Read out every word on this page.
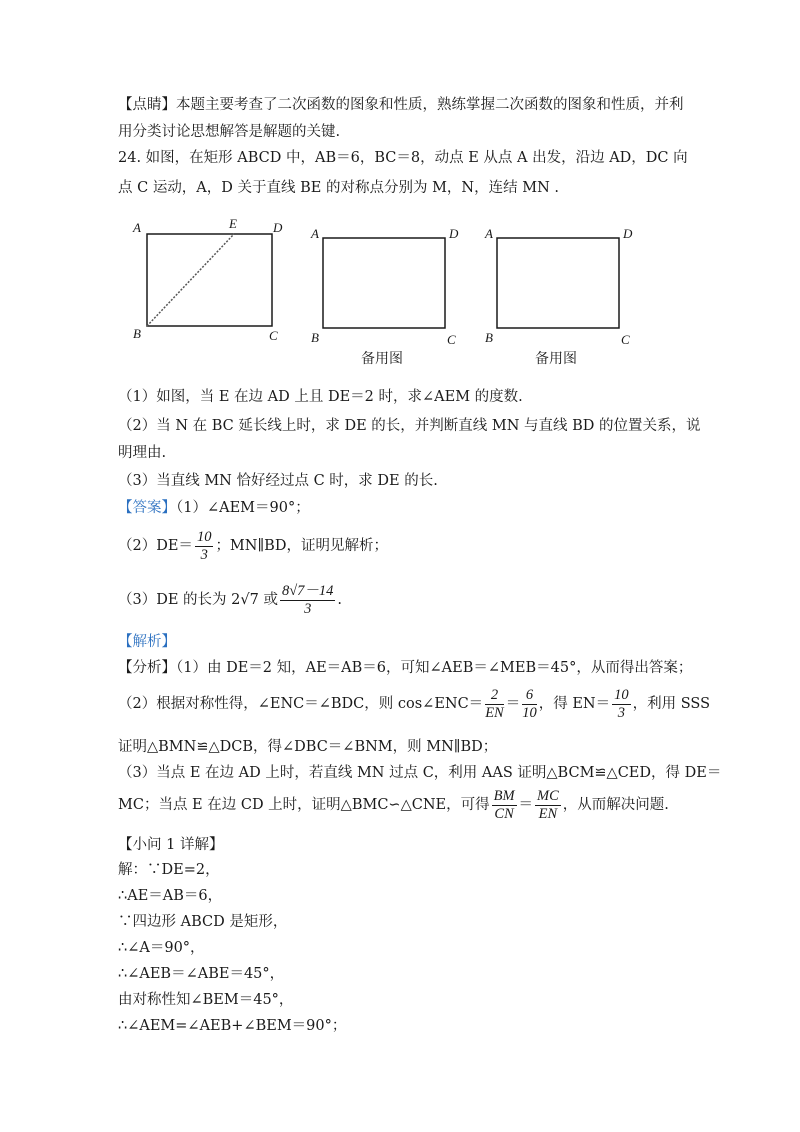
【点睛】本题主要考查了二次函数的图象和性质，熟练掌握二次函数的图象和性质，并利
用分类讨论思想解答是解题的关键.
24. 如图，在矩形 ABCD 中，AB＝6，BC＝8，动点 E 从点 A 出发，沿边 AD，DC 向
点 C 运动，A，D 关于直线 BE 的对称点分别为 M，N，连结 MN .
A	E	D
B	C
A	D
B	C
备用图
A	D
B	C
备用图
（1）如图，当 E 在边 AD 上且 DE＝2 时，求∠AEM 的度数.
（2）当 N 在 BC 延长线上时，求 DE 的长，并判断直线 MN 与直线 BD 的位置关系，说
明理由.
（3）当直线 MN 恰好经过点 C 时，求 DE 的长.
【答案】（1）∠AEM＝90°；
$(2)DE= \frac{10}{3}$ ；MN∥BD，证明见解析；
（3）DE 的长为 2√7 或 $\frac{8√7-14}{3}$ .
【解析】
【分析】（1）由 DE＝2 知，AE＝AB＝6，可知∠AEB＝∠MEB＝45°，从而得出答案；
（2）根据对称性得，∠ENC＝∠BDC，则 cos∠ENC＝ $\frac{2}{EN} = \frac{6}{10}$ ，得 $EN= \frac{10}{3}$ ，利用 SSS
证明△BMN≌△DCB，得∠DBC＝∠BNM，则 MN∥BD；
（3）当点 E 在边 AD 上时，若直线 MN 过点 C，利用 AAS 证明△BCM≌△CED，得 DE＝
MC；当点 E 在边 CD 上时，证明△BMC∽△CNE，可得 $\frac{BM}{CN} = \frac{MC}{EN}$ ，从而解决问题.
【小问 1 详解】
解：∵DE=2，
∴AE＝AB＝6，
∵四边形 ABCD 是矩形，
∴∠A＝90°，
∴∠AEB＝∠ABE＝45°，
由对称性知∠BEM＝45°，
∴∠AEM=∠AEB+∠BEM＝90°；
